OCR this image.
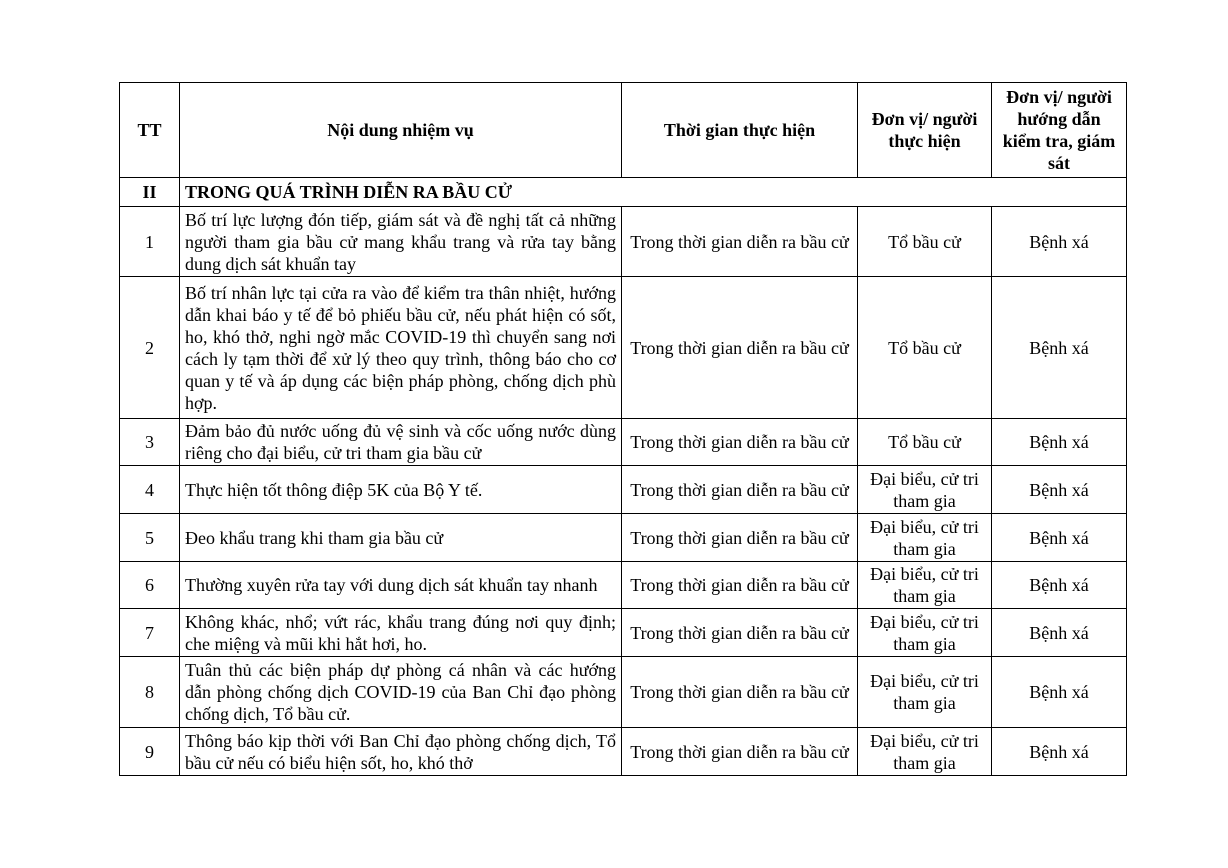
TT	Nội dung nhiệm vụ	Thời gian thực hiện	Đơn vị/ người thực hiện	Đơn vị/ người hướng dẫn kiểm tra, giám sát
II	TRONG QUÁ TRÌNH DIỄN RA BẦU CỬ			
1	Bố trí lực lượng đón tiếp, giám sát và đề nghị tất cả những người tham gia bầu cử mang khẩu trang và rửa tay bằng dung dịch sát khuẩn tay	Trong thời gian diễn ra bầu cử	Tổ bầu cử	Bệnh xá
2	Bố trí nhân lực tại cửa ra vào để kiểm tra thân nhiệt, hướng dẫn khai báo y tế để bỏ phiếu bầu cử, nếu phát hiện có sốt, ho, khó thở, nghi ngờ mắc COVID-19 thì chuyển sang nơi cách ly tạm thời để xử lý theo quy trình, thông báo cho cơ quan y tế và áp dụng các biện pháp phòng, chống dịch phù hợp.	Trong thời gian diễn ra bầu cử	Tổ bầu cử	Bệnh xá
3	Đảm bảo đủ nước uống đủ vệ sinh và cốc uống nước dùng riêng cho đại biểu, cử tri tham gia bầu cử	Trong thời gian diễn ra bầu cử	Tổ bầu cử	Bệnh xá
4	Thực hiện tốt thông điệp 5K của Bộ Y tế.	Trong thời gian diễn ra bầu cử	Đại biểu, cử tri tham gia	Bệnh xá
5	Đeo khẩu trang khi tham gia bầu cử	Trong thời gian diễn ra bầu cử	Đại biểu, cử tri tham gia	Bệnh xá
6	Thường xuyên rửa tay với dung dịch sát khuẩn tay nhanh	Trong thời gian diễn ra bầu cử	Đại biểu, cử tri tham gia	Bệnh xá
7	Không khác, nhổ; vứt rác, khẩu trang đúng nơi quy định; che miệng và mũi khi hắt hơi, ho.	Trong thời gian diễn ra bầu cử	Đại biểu, cử tri tham gia	Bệnh xá
8	Tuân thủ các biện pháp dự phòng cá nhân và các hướng dẫn phòng chống dịch COVID-19 của Ban Chỉ đạo phòng chống dịch, Tổ bầu cử.	Trong thời gian diễn ra bầu cử	Đại biểu, cử tri tham gia	Bệnh xá
9	Thông báo kịp thời với Ban Chỉ đạo phòng chống dịch, Tổ bầu cử nếu có biểu hiện sốt, ho, khó thở	Trong thời gian diễn ra bầu cử	Đại biểu, cử tri tham gia	Bệnh xá
